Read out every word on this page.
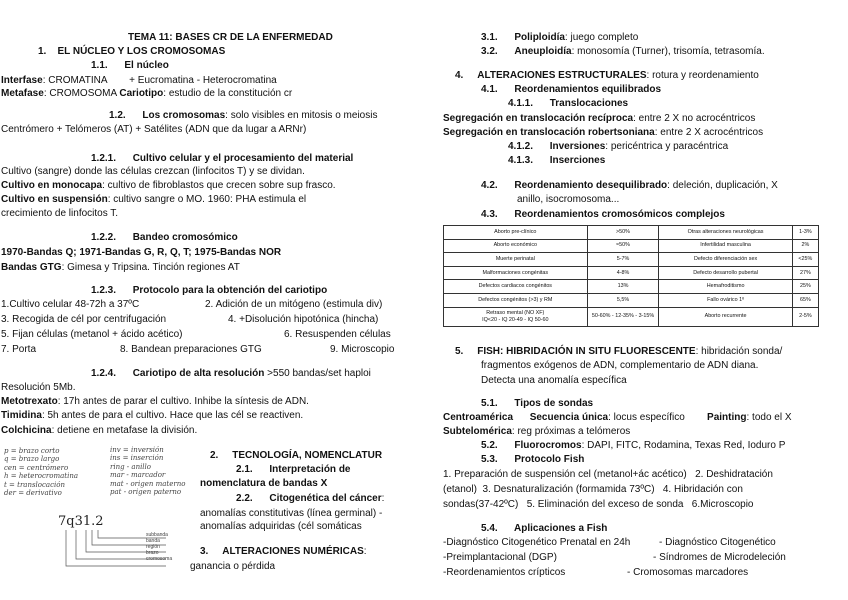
TEMA 11: BASES CR DE LA ENFERMEDAD
1. EL NÚCLEO Y LOS CROMOSOMAS
1.1. El núcleo
Interfase: CROMATINA        + Eucromatina - Heterocromatina
Metafase: CROMOSOMA Cariotipo: estudio de la constitución cr
1.2. Los cromosomas: solo visibles en mitosis o meiosis
Centrómero + Telómeros (AT) + Satélites (ADN que da lugar a ARNr)
1.2.1. Cultivo celular y el procesamiento del material
Cultivo (sangre) donde las células crezcan (linfocitos T) y se dividan.
Cultivo en monocapa: cultivo de fibroblastos que crecen sobre sup frasco.
Cultivo en suspensión: cultivo sangre o MO. 1960: PHA estimula el
crecimiento de linfocitos T.
1.2.2. Bandeo cromosómico
1970-Bandas Q; 1971-Bandas G, R, Q, T; 1975-Bandas NOR
Bandas GTG: Gimesa y Tripsina. Tinción regiones AT
1.2.3. Protocolo para la obtención del cariotipo
1.Cultivo celular 48-72h a 37ºC	2. Adición de un mitógeno (estimula div)
3. Recogida de cél por centrifugación	4. +Disolución hipotónica (hincha)
5. Fijan células (metanol + ácido acético)	6. Resuspenden células
7. Porta	8. Bandean preparaciones GTG	9. Microscopio
1.2.4. Cariotipo de alta resolución >550 bandas/set haploi
Resolución 5Mb.
Metotrexato: 17h antes de parar el cultivo. Inhibe la síntesis de ADN.
Timidina: 5h antes de para el cultivo. Hace que las cél se reactiven.
Colchicina: detiene en metafase la división.
p = brazo corto
q = brazo largo
cen = centrómero
h = heterocromatina
t = translocación
der = derivativo
inv = inversión
ins = inserción
ring - anillo
mar - marcador
mat - origen materno
pat - origen paterno
7q31.2
subbanda
banda
región
brazo
cromosoma
2. TECNOLOGÍA, NOMENCLATUR
2.1. Interpretación de
nomenclatura de bandas X
2.2. Citogenética del cáncer:
anomalías constitutivas (línea germinal) -
anomalías adquiridas (cél somáticas
3. ALTERACIONES NUMÉRICAS:
ganancia o pérdida
3.1. Poliploidía: juego completo
3.2. Aneuploidía: monosomía (Turner), trisomía, tetrasomía.
4. ALTERACIONES ESTRUCTURALES: rotura y reordenamiento
4.1. Reordenamientos equilibrados
4.1.1. Translocaciones
Segregación en translocación recíproca: entre 2 X no acrocéntricos
Segregación en translocación robertsoniana: entre 2 X acrocéntricos
4.1.2. Inversiones: pericéntrica y paracéntrica
4.1.3. Inserciones
4.2. Reordenamiento desequilibrado: deleción, duplicación, X
anillo, isocromosoma...
4.3. Reordenamientos cromosómicos complejos
Aborto pre-clínico	>50%	Otras alteraciones neurológicas	1-3%
Aborto económico	≈50%	Infertilidad masculina	2%
Muerte perinatal	5-7%	Defecto diferenciación sex	<25%
Malformaciones congénitas	4-8%	Defecto desarrollo pubertal	27%
Defectos cardiacos congénitos	13%	Hemafroditismo	25%
Defectos congénitos (>3) y RM	5,5%	Fallo ovárico 1º	65%
Retraso mental (NO XF)
IQ<20 - IQ 20-49 - IQ 50-60	50-60% - 12-35% - 3-15%	Aborto recurrente	2-5%
5. FISH: HIBRIDACIÓN IN SITU FLUORESCENTE: hibridación sonda/
fragmentos exógenos de ADN, complementario de ADN diana.
Detecta una anomalía específica
5.1. Tipos de sondas
Centroamérica Secuencia única: locus específico Painting: todo el X
Subtelomérica: reg próximas a telómeros
5.2. Fluorocromos: DAPI, FITC, Rodamina, Texas Red, Ioduro P
5.3. Protocolo Fish
1. Preparación de suspensión cel (metanol+ác acético)   2. Deshidratación
(etanol)  3. Desnaturalización (formamida 73ºC)   4. Hibridación con
sondas(37-42ºC)   5. Eliminación del exceso de sonda   6.Microscopio
5.4. Aplicaciones a Fish
-Diagnóstico Citogenético Prenatal en 24h	- Diagnóstico Citogenético
-Preimplantacional (DGP)	- Síndromes de Microdeleción
-Reordenamientos crípticos	- Cromosomas marcadores
